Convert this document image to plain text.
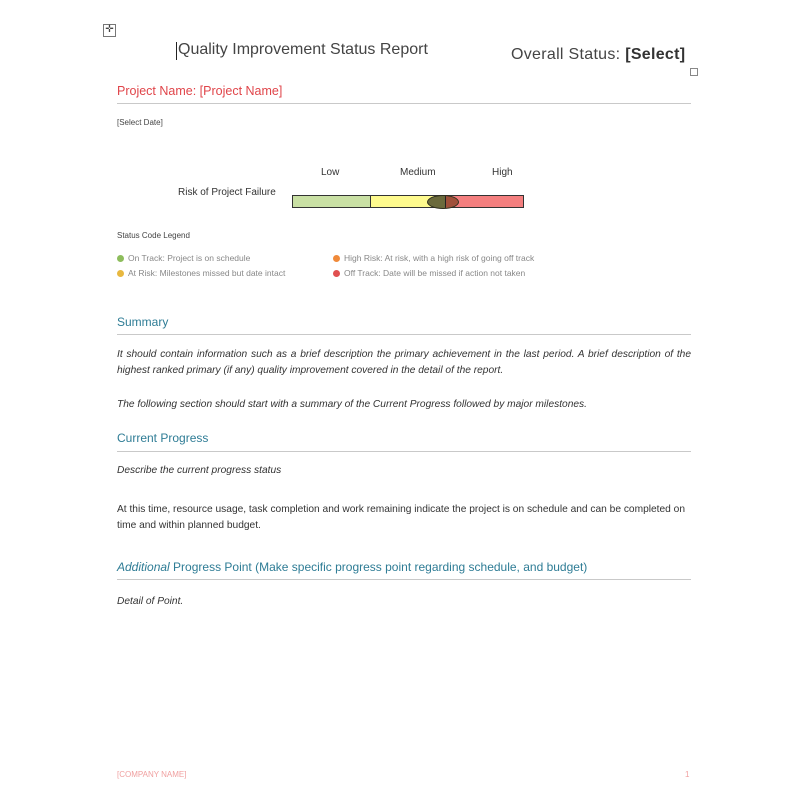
✛
Quality Improvement Status Report	Overall Status: [Select]
Project Name: [Project Name]
[Select Date]
Low	Medium	High
Risk of Project Failure
Status Code Legend
On Track: Project is on schedule
At Risk: Milestones missed but date intact
High Risk: At risk, with a high risk of going off track
Off Track: Date will be missed if action not taken
Summary
It should contain information such as a brief description the primary achievement in the last period. A brief description of the highest ranked primary (if any) quality improvement covered in the detail of the report.
The following section should start with a summary of the Current Progress followed by major milestones.
Current Progress
Describe the current progress status
At this time, resource usage, task completion and work remaining indicate the project is on schedule and can be completed on time and within planned budget.
Additional Progress Point (Make specific progress point regarding schedule, and budget)
Detail of Point.
[COMPANY NAME]	1
